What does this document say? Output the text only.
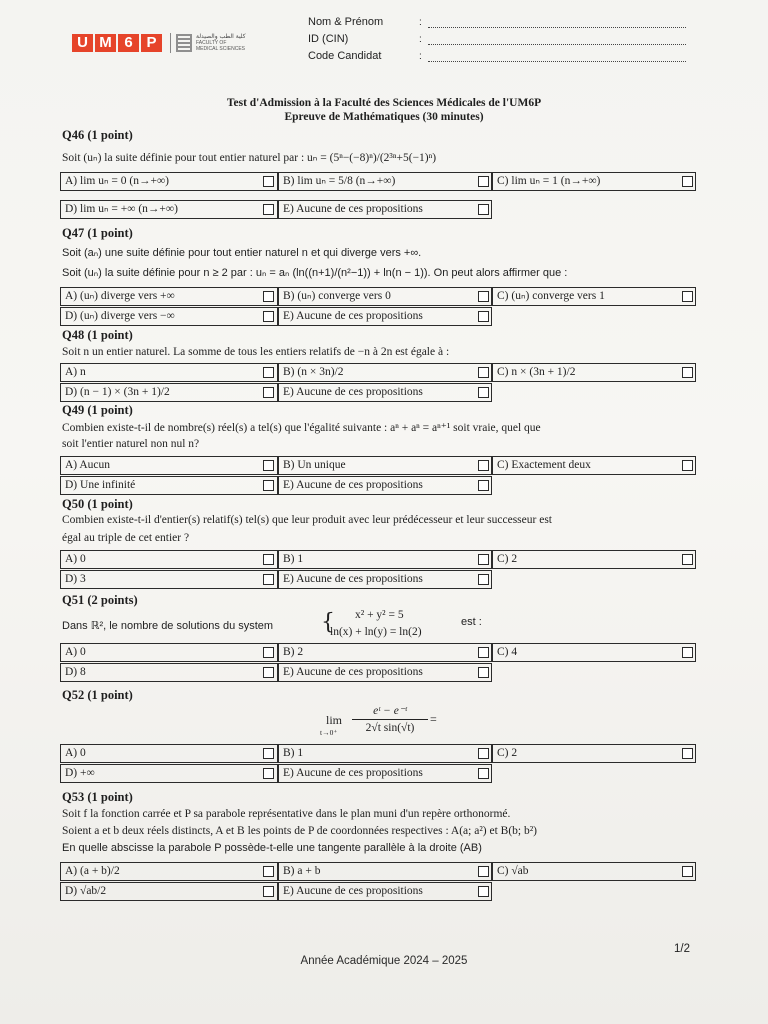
U M 6 P	كلية الطب والصيدلة
FACULTY OF
MEDICAL SCIENCES
Nom & Prénom	:
ID (CIN)	:
Code Candidat	:
Test d'Admission à la Faculté des Sciences Médicales de l'UM6P
Epreuve de Mathématiques (30 minutes)
Q46 (1 point)
Soit (uₙ) la suite définie pour tout entier naturel par : uₙ = (5ⁿ−(−8)ⁿ)/(2³ⁿ+5(−1)ⁿ)
A) lim uₙ = 0 (n→+∞)	B) lim uₙ = 5/8 (n→+∞)	C) lim uₙ = 1 (n→+∞)
D) lim uₙ = +∞ (n→+∞)	E) Aucune de ces propositions
Q47 (1 point)
Soit (aₙ) une suite définie pour tout entier naturel n et qui diverge vers +∞.
Soit (uₙ) la suite définie pour n ≥ 2 par : uₙ = aₙ (ln((n+1)/(n²−1)) + ln(n − 1)). On peut alors affirmer que :
A) (uₙ) diverge vers +∞	B) (uₙ) converge vers 0	C) (uₙ) converge vers 1
D) (uₙ) diverge vers −∞	E) Aucune de ces propositions
Q48 (1 point)
Soit n un entier naturel. La somme de tous les entiers relatifs de −n à 2n est égale à :
A) n	B) (n × 3n)/2	C) n × (3n + 1)/2
D) (n − 1) × (3n + 1)/2	E) Aucune de ces propositions
Q49 (1 point)
Combien existe-t-il de nombre(s) réel(s) a tel(s) que l'égalité suivante : aⁿ + aⁿ = aⁿ⁺¹ soit vraie, quel que
soit l'entier naturel non nul n?
A) Aucun	B) Un unique	C) Exactement deux
D) Une infinité	E) Aucune de ces propositions
Q50 (1 point)
Combien existe-t-il d'entier(s) relatif(s) tel(s) que leur produit avec leur prédécesseur et leur successeur est
égal au triple de cet entier ?
A) 0	B) 1	C) 2
D) 3	E) Aucune de ces propositions
Q51 (2 points)
Dans ℝ², le nombre de solutions du system { x² + y² = 5
ln(x) + ln(y) = ln(2)
est :
A) 0	B) 2	C) 4
D) 8	E) Aucune de ces propositions
Q52 (1 point)
lim
t→0⁺
eᵗ − e⁻ᵗ
2√t sin(√t)
=
A) 0	B) 1	C) 2
D) +∞	E) Aucune de ces propositions
Q53 (1 point)
Soit f la fonction carrée et P sa parabole représentative dans le plan muni d'un repère orthonormé.
Soient a et b deux réels distincts, A et B les points de P de coordonnées respectives : A(a; a²) et B(b; b²)
En quelle abscisse la parabole P possède-t-elle une tangente parallèle à la droite (AB)
A) (a + b)/2	B) a + b	C) √ab
D) √ab/2	E) Aucune de ces propositions
Année Académique 2024 – 2025
1/2
